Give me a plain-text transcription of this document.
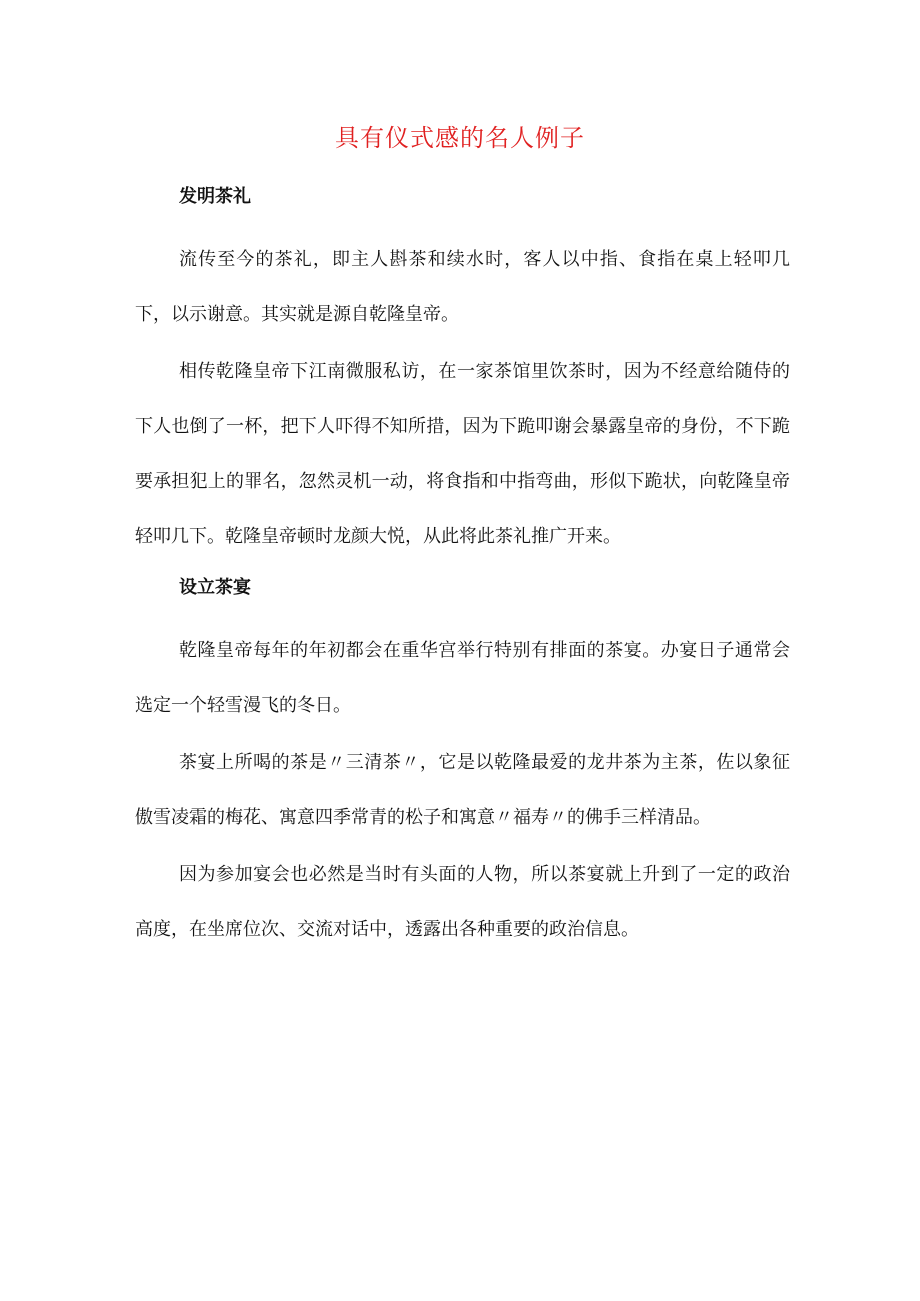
具有仪式感的名人例子

发明茶礼

流传至今的茶礼，即主人斟茶和续水时，客人以中指、食指在桌上轻叩几下，以示谢意。其实就是源自乾隆皇帝。

相传乾隆皇帝下江南微服私访，在一家茶馆里饮茶时，因为不经意给随侍的下人也倒了一杯，把下人吓得不知所措，因为下跪叩谢会暴露皇帝的身份，不下跪要承担犯上的罪名，忽然灵机一动，将食指和中指弯曲，形似下跪状，向乾隆皇帝轻叩几下。乾隆皇帝顿时龙颜大悦，从此将此茶礼推广开来。

设立茶宴

乾隆皇帝每年的年初都会在重华宫举行特别有排面的茶宴。办宴日子通常会选定一个轻雪漫飞的冬日。

茶宴上所喝的茶是〃三清茶〃，它是以乾隆最爱的龙井茶为主茶，佐以象征傲雪凌霜的梅花、寓意四季常青的松子和寓意〃福寿〃的佛手三样清品。

因为参加宴会也必然是当时有头面的人物，所以茶宴就上升到了一定的政治高度，在坐席位次、交流对话中，透露出各种重要的政治信息。
